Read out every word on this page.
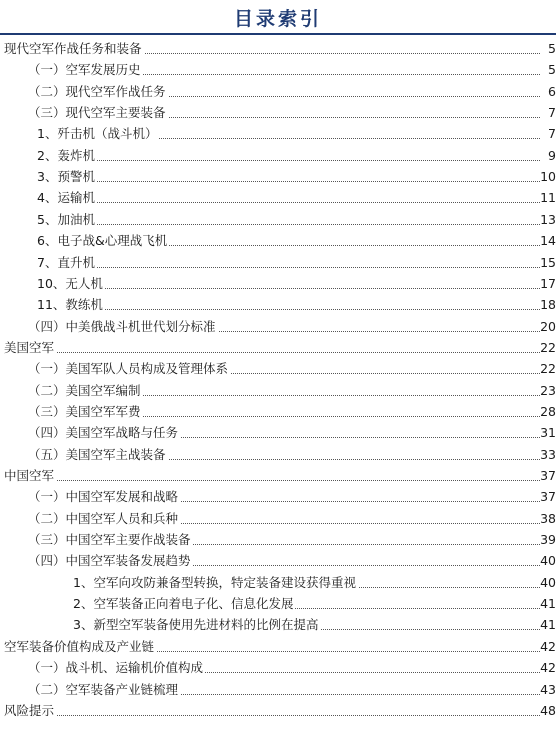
目录索引
现代空军作战任务和装备	5
（一）空军发展历史	5
（二）现代空军作战任务	6
（三）现代空军主要装备	7
1、歼击机（战斗机）	7
2、轰炸机	9
3、预警机	10
4、运输机	11
5、加油机	13
6、电子战&心理战飞机	14
7、直升机	15
10、无人机	17
11、教练机	18
（四）中美俄战斗机世代划分标准	20
美国空军	22
（一）美国军队人员构成及管理体系	22
（二）美国空军编制	23
（三）美国空军军费	28
（四）美国空军战略与任务	31
（五）美国空军主战装备	33
中国空军	37
（一）中国空军发展和战略	37
（二）中国空军人员和兵种	38
（三）中国空军主要作战装备	39
（四）中国空军装备发展趋势	40
1、空军向攻防兼备型转换，特定装备建设获得重视	40
2、空军装备正向着电子化、信息化发展	41
3、新型空军装备使用先进材料的比例在提高	41
空军装备价值构成及产业链	42
（一）战斗机、运输机价值构成	42
（二）空军装备产业链梳理	43
风险提示	48
